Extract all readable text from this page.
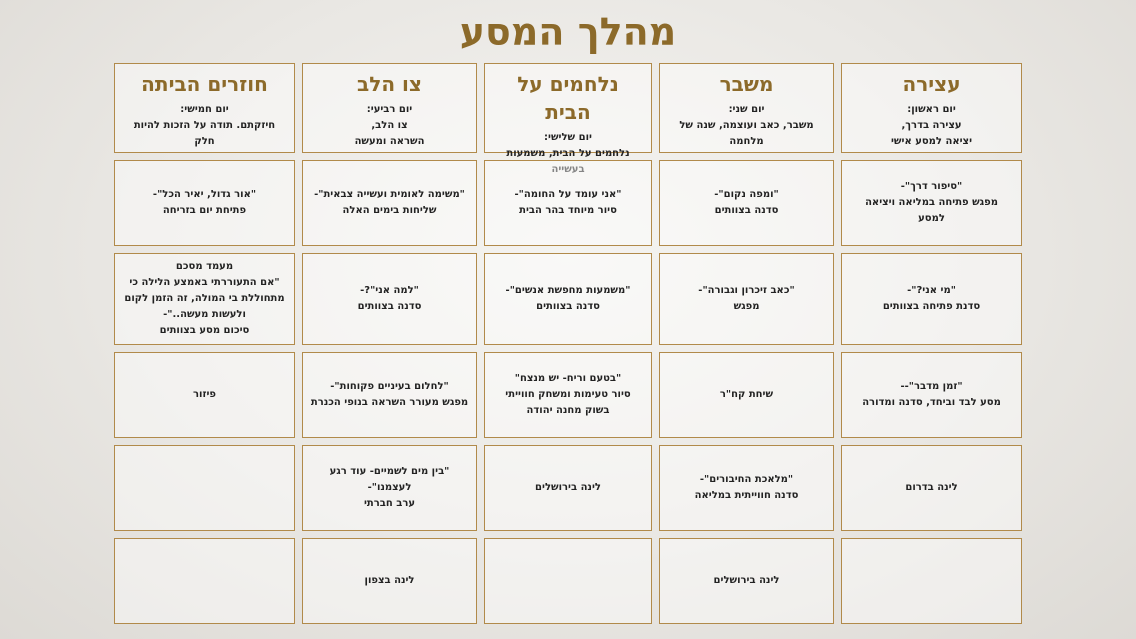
מהלך המסע
עצירה
יום ראשון:
עצירה בדרך,
יציאה למסע אישי
משבר
יום שני:
משבר, כאב ועוצמה, שנה של
מלחמה
נלחמים על הבית
יום שלישי:
נלחמים על הבית, משמעות
בעשייה
צו הלב
יום רביעי:
צו הלב,
השראה ומעשה
חוזרים הביתה
יום חמישי:
חיזקתם. תודה על הזכות להיות
חלק
"סיפור דרך"-
מפגש פתיחה במליאה ויציאה
למסע
"ומפה נקום"-
סדנה בצוותים
"אני עומד על החומה"-
סיור מיוחד בהר הבית
"משימה לאומית ועשייה צבאית"-
שליחות בימים האלה
"אור גדול, יאיר הכל"-
פתיחת יום בזריחה
"מי אני?"-
סדנת פתיחה בצוותים
"כאב זיכרון וגבורה"-
מפגש
"משמעות מחפשת אנשים"-
סדנה בצוותים
"למה אני"?-
סדנה בצוותים
מעמד מסכם
"אם התעוררתי באמצע הלילה כי
מתחוללת בי המולה, זה הזמן לקום
ולעשות מעשה.."-
סיכום מסע בצוותים
"זמן מדבר"--
מסע לבד וביחד, סדנה ומדורה
שיחת קח"ר
"בטעם וריח- יש מנצח"
סיור טעימות ומשחק חווייתי
בשוק מחנה יהודה
"לחלום בעיניים פקוחות"-
מפגש מעורר השראה בנופי הכנרת
פיזור
לינה בדרום
"מלאכת החיבורים"-
סדנה חווייתית במליאה
לינה בירושלים
"בין מים לשמיים- עוד רגע
לעצמנו"-
ערב חברתי
לינה בירושלים
לינה בצפון
